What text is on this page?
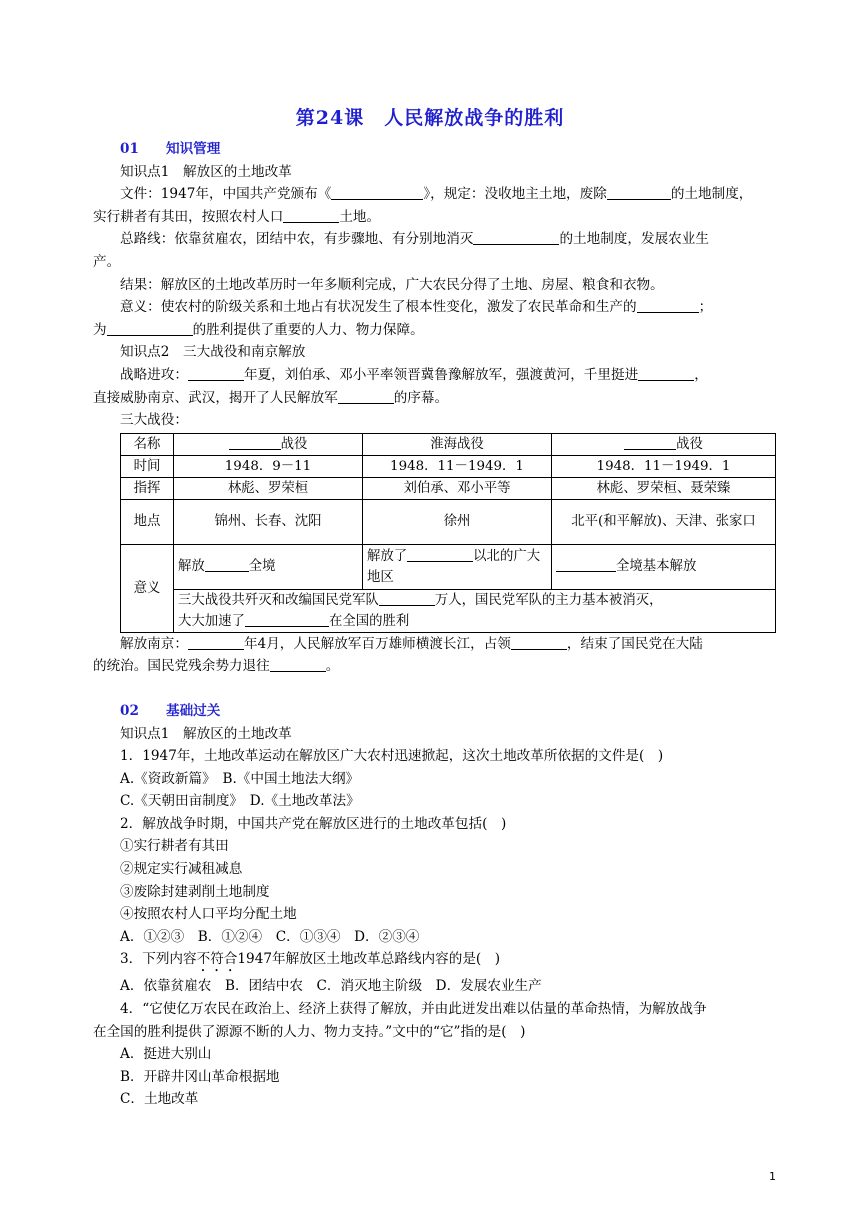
第24课　人民解放战争的胜利

01 知识管理

知识点1　解放区的土地改革

文件：1947年，中国共产党颁布《	》，规定：没收地主土地，废除	的土地制度，

实行耕者有其田，按照农村人口	土地。

总路线：依靠贫雇农，团结中农，有步骤地、有分别地消灭	的土地制度，发展农业生

产。

结果：解放区的土地改革历时一年多顺利完成，广大农民分得了土地、房屋、粮食和衣物。

意义：使农村的阶级关系和土地占有状况发生了根本性变化，激发了农民革命和生产的	；

为	的胜利提供了重要的人力、物力保障。

知识点2　三大战役和南京解放

战略进攻：	年夏，刘伯承、邓小平率领晋冀鲁豫解放军，强渡黄河，千里挺进	，

直接威胁南京、武汉，揭开了人民解放军	的序幕。

三大战役：

名称	战役	淮海战役	战役
时间	1948．9－11	1948．11－1949．1	1948．11－1949．1
指挥	林彪、罗荣桓	刘伯承、邓小平等	林彪、罗荣桓、聂荣臻
地点	锦州、长春、沈阳	徐州	北平(和平解放)、天津、张家口
意义	解放 全境	解放了 以北的广大地区	全境基本解放
	三大战役共歼灭和改编国民党军队 万人，国民党军队的主力基本被消灭，
大大加速了 在全国的胜利		

解放南京：	年4月，人民解放军百万雄师横渡长江，占领	，结束了国民党在大陆

的统治。国民党残余势力退往	。

02 基础过关

知识点1　解放区的土地改革

1．1947年，土地改革运动在解放区广大农村迅速掀起，这次土地改革所依据的文件是(　)

A.《资政新篇》　B.《中国土地法大纲》

C.《天朝田亩制度》　D.《土地改革法》

2．解放战争时期，中国共产党在解放区进行的土地改革包括(　)

①实行耕者有其田

②规定实行减租减息

③废除封建剥削土地制度

④按照农村人口平均分配土地

A．①②③　B．①②④　C．①③④　D．②③④

3．下列内容不符合1947年解放区土地改革总路线内容的是(　)

A．依靠贫雇农　B．团结中农　C．消灭地主阶级　D．发展农业生产

4．“它使亿万农民在政治上、经济上获得了解放，并由此迸发出难以估量的革命热情，为解放战争

在全国的胜利提供了源源不断的人力、物力支持。”文中的“它”指的是(　)

A．挺进大别山

B．开辟井冈山革命根据地

C．土地改革

1
